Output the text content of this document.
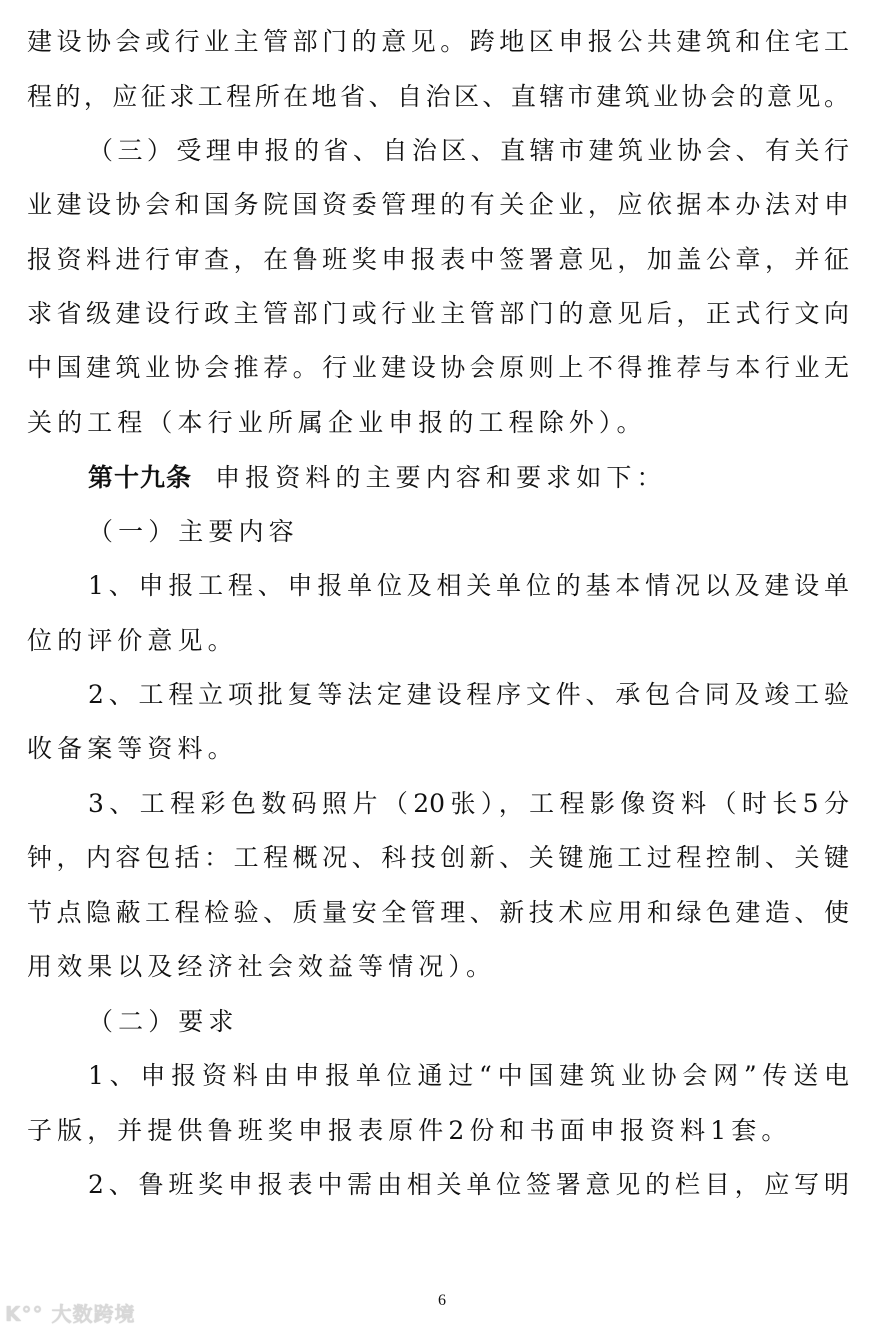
建设协会或行业主管部门的意见。跨地区申报公共建筑和住宅工
程的，应征求工程所在地省、自治区、直辖市建筑业协会的意见。
（三）受理申报的省、自治区、直辖市建筑业协会、有关行
业建设协会和国务院国资委管理的有关企业，应依据本办法对申
报资料进行审查，在鲁班奖申报表中签署意见，加盖公章，并征
求省级建设行政主管部门或行业主管部门的意见后，正式行文向
中国建筑业协会推荐。行业建设协会原则上不得推荐与本行业无
关的工程（本行业所属企业申报的工程除外）。
第十九条 申报资料的主要内容和要求如下：
（一）主要内容
1、申报工程、申报单位及相关单位的基本情况以及建设单
位的评价意见。
2、工程立项批复等法定建设程序文件、承包合同及竣工验
收备案等资料。
3、工程彩色数码照片（20张），工程影像资料（时长5分
钟，内容包括：工程概况、科技创新、关键施工过程控制、关键
节点隐蔽工程检验、质量安全管理、新技术应用和绿色建造、使
用效果以及经济社会效益等情况）。
（二）要求
1、申报资料由申报单位通过“中国建筑业协会网”传送电
子版，并提供鲁班奖申报表原件2份和书面申报资料1套。
2、鲁班奖申报表中需由相关单位签署意见的栏目，应写明
6
K°° 大数跨境
